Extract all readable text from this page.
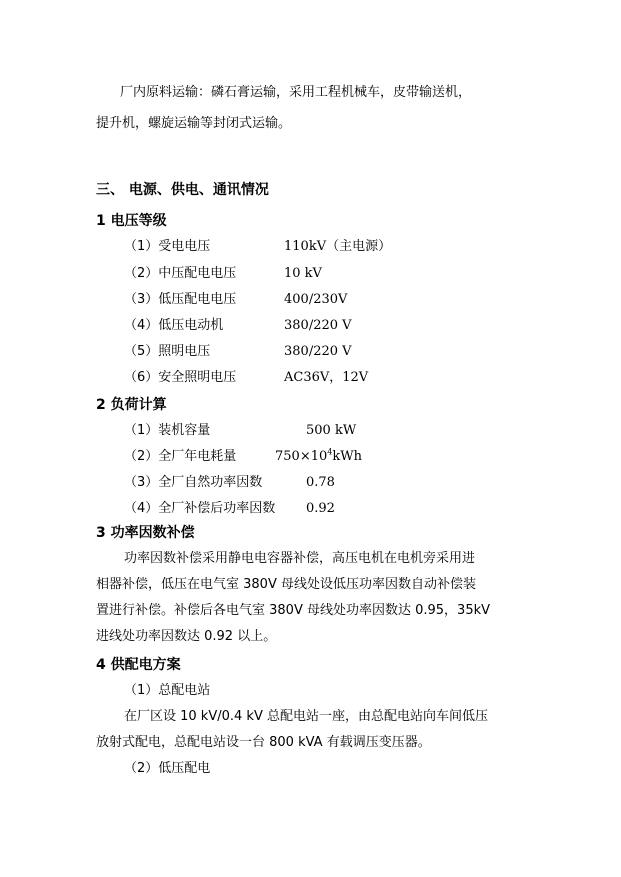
厂内原料运输：磷石膏运输，采用工程机械车，皮带输送机，
提升机，螺旋运输等封闭式运输。
三、 电源、供电、通讯情况
1 电压等级
（1）受电电压	110kV（主电源）
（2）中压配电电压	10 kV
（3）低压配电电压	400/230V
（4）低压电动机	380/220 V
（5）照明电压	380/220 V
（6）安全照明电压	AC36V，12V
2 负荷计算
（1）装机容量	500 kW
（2）全厂年电耗量	$750\times 10^4kWh$
（3）全厂自然功率因数	0.78
（4）全厂补偿后功率因数 0.92
3 功率因数补偿
功率因数补偿采用静电电容器补偿，高压电机在电机旁采用进
相器补偿，低压在电气室 380V 母线处设低压功率因数自动补偿装
置进行补偿。补偿后各电气室 380V 母线处功率因数达 0.95，35kV
进线处功率因数达 0.92 以上。
4 供配电方案
（1）总配电站
在厂区设 10 kV/0.4 kV 总配电站一座，由总配电站向车间低压
放射式配电，总配电站设一台 800 kVA 有载调压变压器。
（2）低压配电
